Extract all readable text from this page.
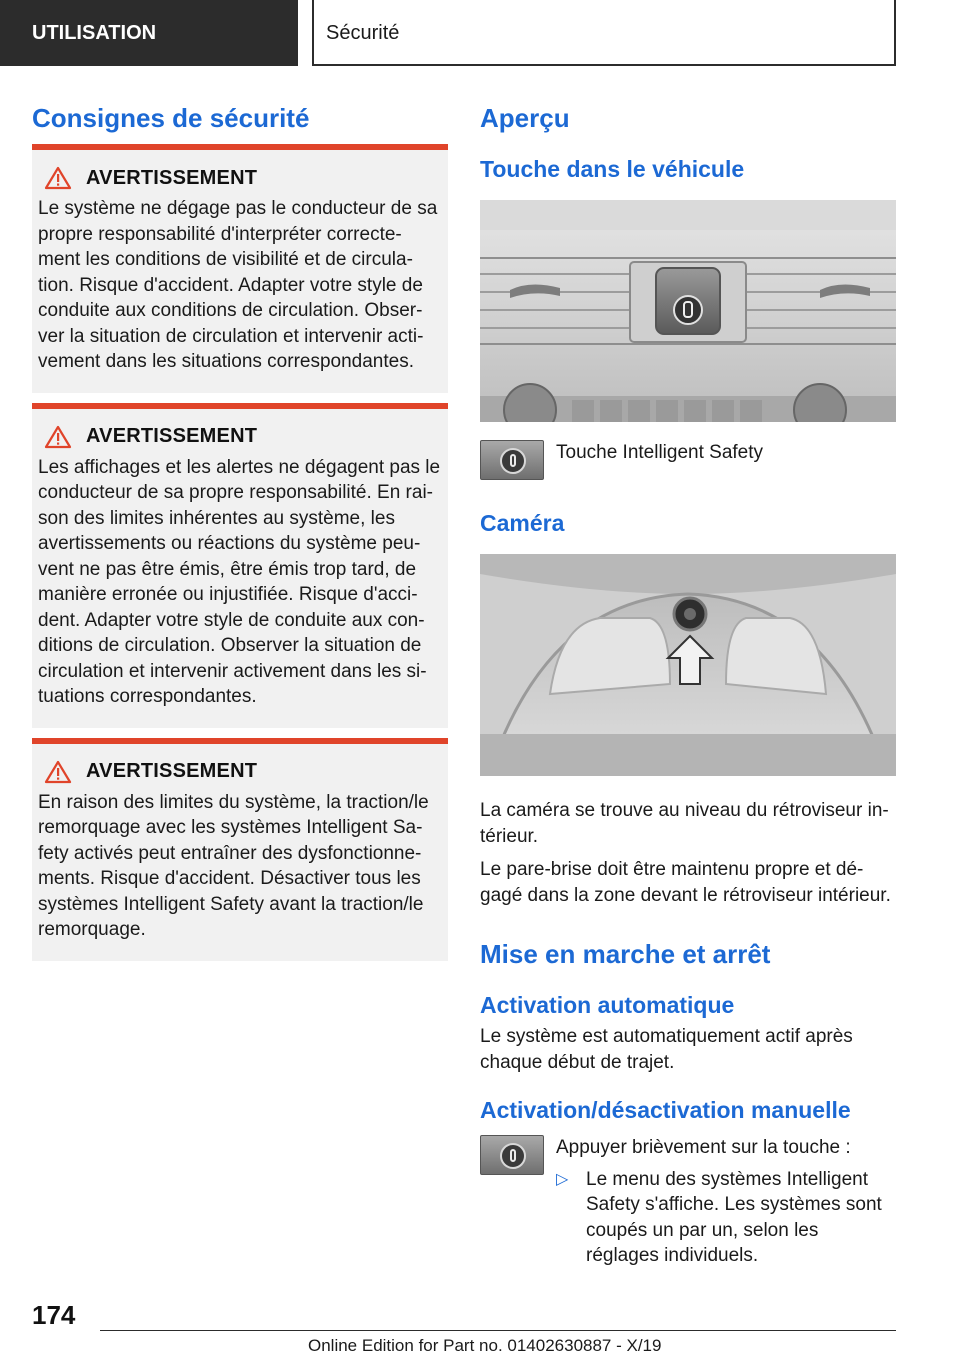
UTILISATION	Sécurité
Consignes de sécurité
AVERTISSEMENT

Le système ne dégage pas le conducteur de sa propre responsabilité d'interpréter correcte-ment les conditions de visibilité et de circula-tion. Risque d'accident. Adapter votre style de conduite aux conditions de circulation. Obser-ver la situation de circulation et intervenir acti-vement dans les situations correspondantes.

AVERTISSEMENT

Les affichages et les alertes ne dégagent pas le conducteur de sa propre responsabilité. En rai-son des limites inhérentes au système, les avertissements ou réactions du système peu-vent ne pas être émis, être émis trop tard, de manière erronée ou injustifiée. Risque d'acci-dent. Adapter votre style de conduite aux con-ditions de circulation. Observer la situation de circulation et intervenir activement dans les si-tuations correspondantes.

AVERTISSEMENT

En raison des limites du système, la traction/le remorquage avec les systèmes Intelligent Sa-fety activés peut entraîner des dysfonctionne-ments. Risque d'accident. Désactiver tous les systèmes Intelligent Safety avant la traction/le remorquage.

Aperçu
Touche dans le véhicule
Touche Intelligent Safety
Caméra

La caméra se trouve au niveau du rétroviseur in-térieur.

Le pare-brise doit être maintenu propre et dé-gagé dans la zone devant le rétroviseur intérieur.

Mise en marche et arrêt
Activation automatique

Le système est automatiquement actif après chaque début de trajet.

Activation/désactivation manuelle

Appuyer brièvement sur la touche :

▷ Le menu des systèmes Intelligent Safety s'affiche. Les systèmes sont coupés un par un, selon les réglages individuels.

174
Online Edition for Part no. 01402630887 - X/19
